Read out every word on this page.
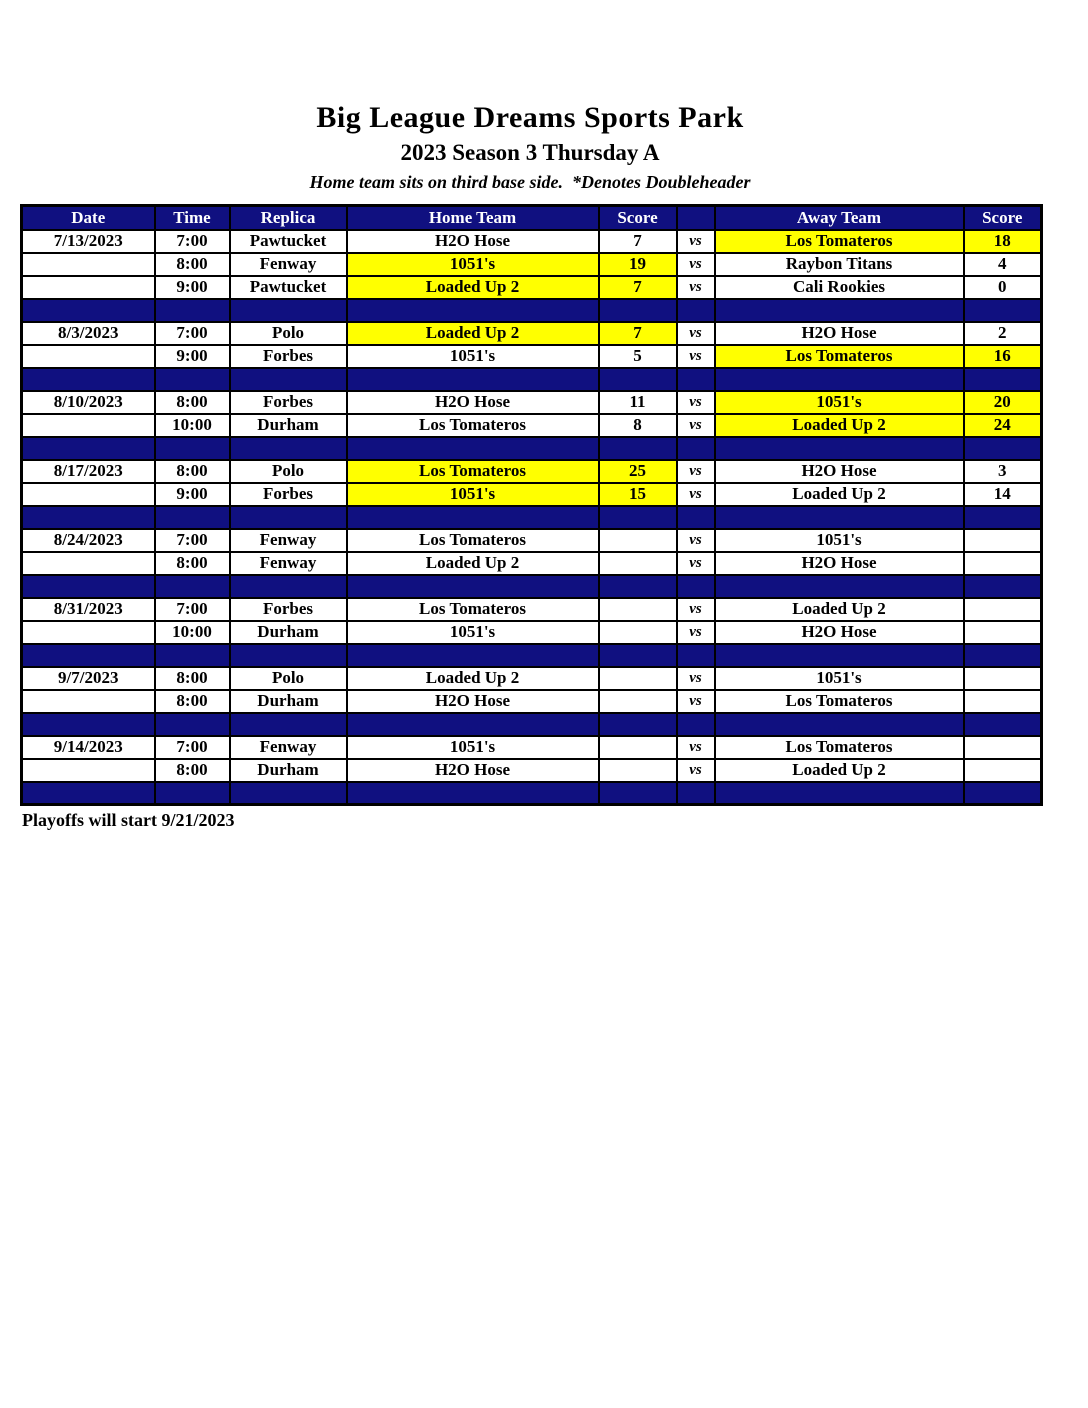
Big League Dreams Sports Park
2023 Season 3 Thursday A
Home team sits on third base side.  *Denotes Doubleheader
Date	Time	Replica	Home Team	Score		Away Team	Score
7/13/2023	7:00	Pawtucket	H2O Hose	7	vs	Los Tomateros	18
	8:00	Fenway	1051's	19	vs	Raybon Titans	4
	9:00	Pawtucket	Loaded Up 2	7	vs	Cali Rookies	0

8/3/2023	7:00	Polo	Loaded Up 2	7	vs	H2O Hose	2
	9:00	Forbes	1051's	5	vs	Los Tomateros	16

8/10/2023	8:00	Forbes	H2O Hose	11	vs	1051's	20
	10:00	Durham	Los Tomateros	8	vs	Loaded Up 2	24

8/17/2023	8:00	Polo	Los Tomateros	25	vs	H2O Hose	3
	9:00	Forbes	1051's	15	vs	Loaded Up 2	14

8/24/2023	7:00	Fenway	Los Tomateros		vs	1051's	
	8:00	Fenway	Loaded Up 2		vs	H2O Hose	

8/31/2023	7:00	Forbes	Los Tomateros		vs	Loaded Up 2	
	10:00	Durham	1051's		vs	H2O Hose	

9/7/2023	8:00	Polo	Loaded Up 2		vs	1051's	
	8:00	Durham	H2O Hose		vs	Los Tomateros	

9/14/2023	7:00	Fenway	1051's		vs	Los Tomateros	
	8:00	Durham	H2O Hose		vs	Loaded Up 2	

Playoffs will start 9/21/2023
